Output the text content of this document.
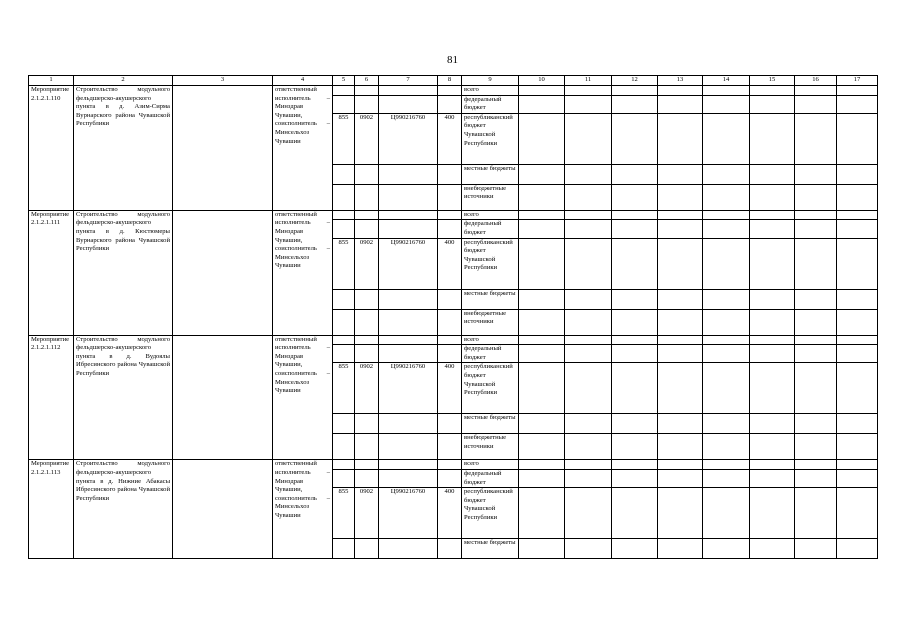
81
1	2	3	4	5	6	7	8	9	10	11	12	13	14	15	16	17
Мероприятие 2.1.2.1.110	Строительство модульного фельдшерско-акушерского пункта в д. Азим-Сирма Вурнарского района Чувашской Республики		ответственный исполнитель – Минздрав Чувашии, соисполнитель – Минсельхоз Чувашии					всего								
								федеральный бюджет								
				855	0902	Ц990216760	400	республиканский бюджет Чувашской Республики								
								местные бюджеты								
								внебюджетные источники								
Мероприятие 2.1.2.1.111	Строительство модульного фельдшерско-акушерского пункта в д. Кюстюмеры Вурнарского района Чувашской Республики		ответственный исполнитель – Минздрав Чувашии, соисполнитель – Минсельхоз Чувашии					всего								
								федеральный бюджет								
				855	0902	Ц990216760	400	республиканский бюджет Чувашской Республики								
								местные бюджеты								
								внебюджетные источники								
Мероприятие 2.1.2.1.112	Строительство модульного фельдшерско-акушерского пункта в д. Вудоялы Ибресинского района Чувашской Республики		ответственный исполнитель – Минздрав Чувашии, соисполнитель – Минсельхоз Чувашии					всего								
								федеральный бюджет								
				855	0902	Ц990216760	400	республиканский бюджет Чувашской Республики								
								местные бюджеты								
								внебюджетные источники								
Мероприятие 2.1.2.1.113	Строительство модульного фельдшерско-акушерского пункта в д. Нижние Абакасы Ибресинского района Чувашской Республики		ответственный исполнитель – Минздрав Чувашии, соисполнитель – Минсельхоз Чувашии					всего								
								федеральный бюджет								
				855	0902	Ц990216760	400	республиканский бюджет Чувашской Республики								
								местные бюджеты								
